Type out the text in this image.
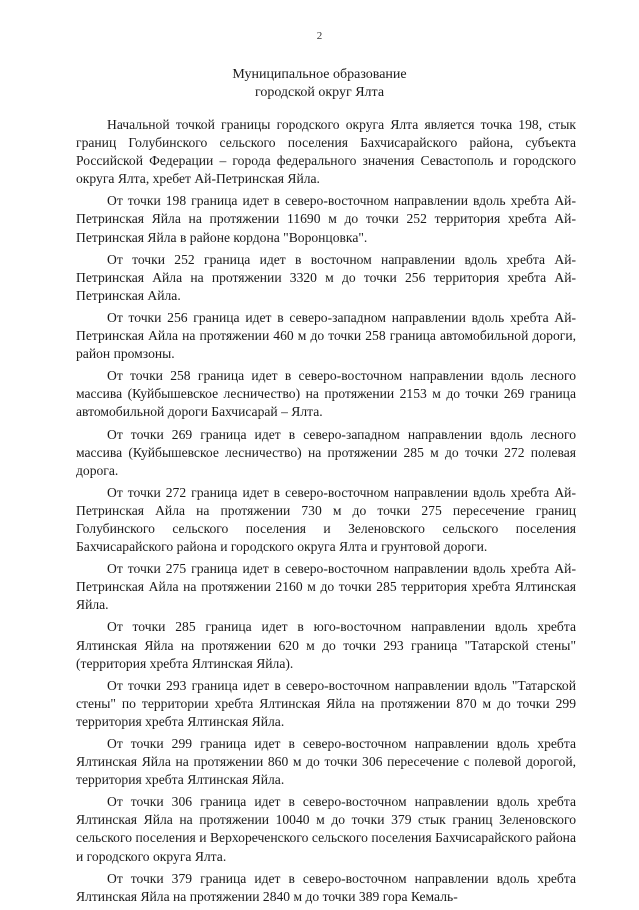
2
Муниципальное образование
городской округ Ялта

Начальной точкой границы городского округа Ялта является точка 198, стык границ Голубинского сельского поселения Бахчисарайского района, субъекта Российской Федерации – города федерального значения Севастополь и городского округа Ялта, хребет Ай-Петринская Яйла.

От точки 198 граница идет в северо-восточном направлении вдоль хребта Ай-Петринская Яйла на протяжении 11690 м до точки 252 территория хребта Ай-Петринская Яйла в районе кордона "Воронцовка".

От точки 252 граница идет в восточном направлении вдоль хребта Ай-Петринская Айла на протяжении 3320 м до точки 256 территория хребта Ай-Петринская Айла.

От точки 256 граница идет в северо-западном направлении вдоль хребта Ай-Петринская Айла на протяжении 460 м до точки 258 граница автомобильной дороги, район промзоны.

От точки 258 граница идет в северо-восточном направлении вдоль лесного массива (Куйбышевское лесничество) на протяжении 2153 м до точки 269 граница автомобильной дороги Бахчисарай – Ялта.

От точки 269 граница идет в северо-западном направлении вдоль лесного массива (Куйбышевское лесничество) на протяжении 285 м до точки 272 полевая дорога.

От точки 272 граница идет в северо-восточном направлении вдоль хребта Ай-Петринская Айла на протяжении 730 м до точки 275 пересечение границ Голубинского сельского поселения и Зеленовского сельского поселения Бахчисарайского района и городского округа Ялта и грунтовой дороги.

От точки 275 граница идет в северо-восточном направлении вдоль хребта Ай-Петринская Айла на протяжении 2160 м до точки 285 территория хребта Ялтинская Яйла.

От точки 285 граница идет в юго-восточном направлении вдоль хребта Ялтинская Яйла на протяжении 620 м до точки 293 граница "Татарской стены" (территория хребта Ялтинская Яйла).

От точки 293 граница идет в северо-восточном направлении вдоль "Татарской стены" по территории хребта Ялтинская Яйла на протяжении 870 м до точки 299 территория хребта Ялтинская Яйла.

От точки 299 граница идет в северо-восточном направлении вдоль хребта Ялтинская Яйла на протяжении 860 м до точки 306 пересечение с полевой дорогой, территория хребта Ялтинская Яйла.

От точки 306 граница идет в северо-восточном направлении вдоль хребта Ялтинская Яйла на протяжении 10040 м до точки 379 стык границ Зеленовского сельского поселения и Верхореченского сельского поселения Бахчисарайского района и городского округа Ялта.

От точки 379 граница идет в северо-восточном направлении вдоль хребта Ялтинская Яйла на протяжении 2840 м до точки 389 гора Кемаль-
